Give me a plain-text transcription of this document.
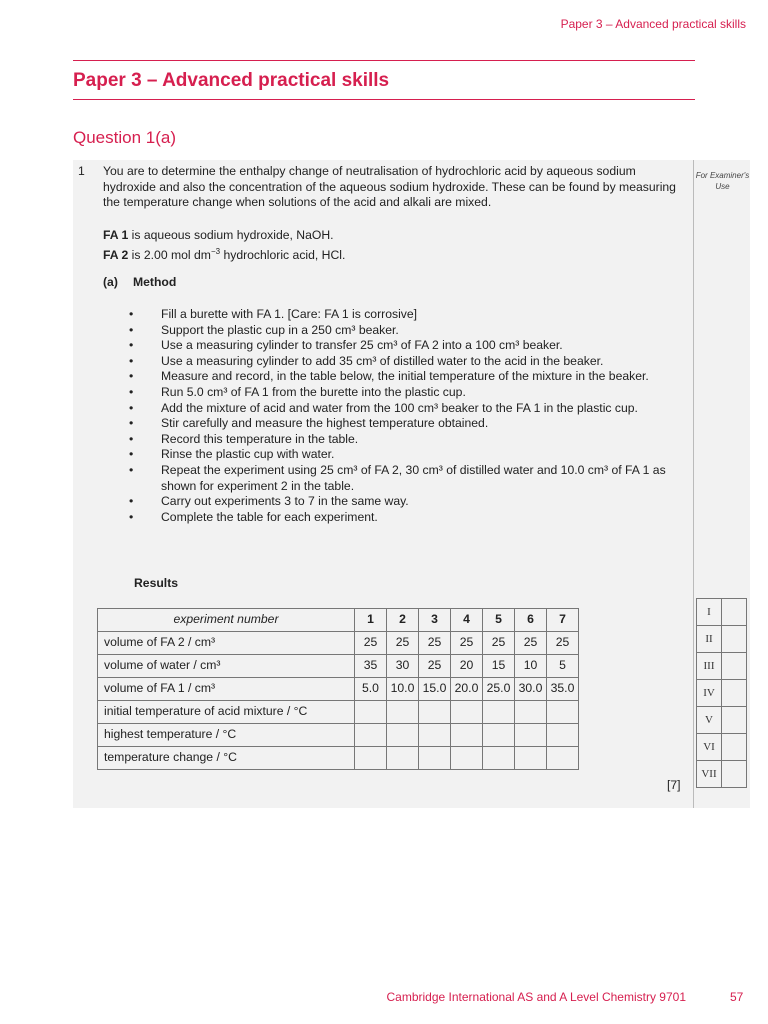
Paper 3 – Advanced practical skills
Paper 3 – Advanced practical skills
Question 1(a)
1 You are to determine the enthalpy change of neutralisation of hydrochloric acid by aqueous sodium hydroxide and also the concentration of the aqueous sodium hydroxide. These can be found by measuring the temperature change when solutions of the acid and alkali are mixed.
FA 1 is aqueous sodium hydroxide, NaOH.
FA 2 is 2.00 mol $dm^{-3}$ hydrochloric acid, HCl.
(a) Method
• Fill a burette with FA 1. [Care: FA 1 is corrosive]
• Support the plastic cup in a 250 cm³ beaker.
• Use a measuring cylinder to transfer 25 cm³ of FA 2 into a 100 cm³ beaker.
• Use a measuring cylinder to add 35 cm³ of distilled water to the acid in the beaker.
• Measure and record, in the table below, the initial temperature of the mixture in the beaker.
• Run 5.0 cm³ of FA 1 from the burette into the plastic cup.
• Add the mixture of acid and water from the 100 cm³ beaker to the FA 1 in the plastic cup.
• Stir carefully and measure the highest temperature obtained.
• Record this temperature in the table.
• Rinse the plastic cup with water.
• Repeat the experiment using 25 cm³ of FA 2, 30 cm³ of distilled water and 10.0 cm³ of FA 1 as shown for experiment 2 in the table.
• Carry out experiments 3 to 7 in the same way.
• Complete the table for each experiment.
Results
experiment number	1	2	3	4	5	6	7
volume of FA 2 / cm³	25	25	25	25	25	25	25
volume of water / cm³	35	30	25	20	15	10	5
volume of FA 1 / cm³	5.0	10.0	15.0	20.0	25.0	30.0	35.0
initial temperature of acid mixture / °C							
highest temperature / °C							
temperature change / °C							
[7]
For Examiner's Use
I	
II	
III	
IV	
V	
VI	
VII	
Cambridge International AS and A Level Chemistry 9701	57
